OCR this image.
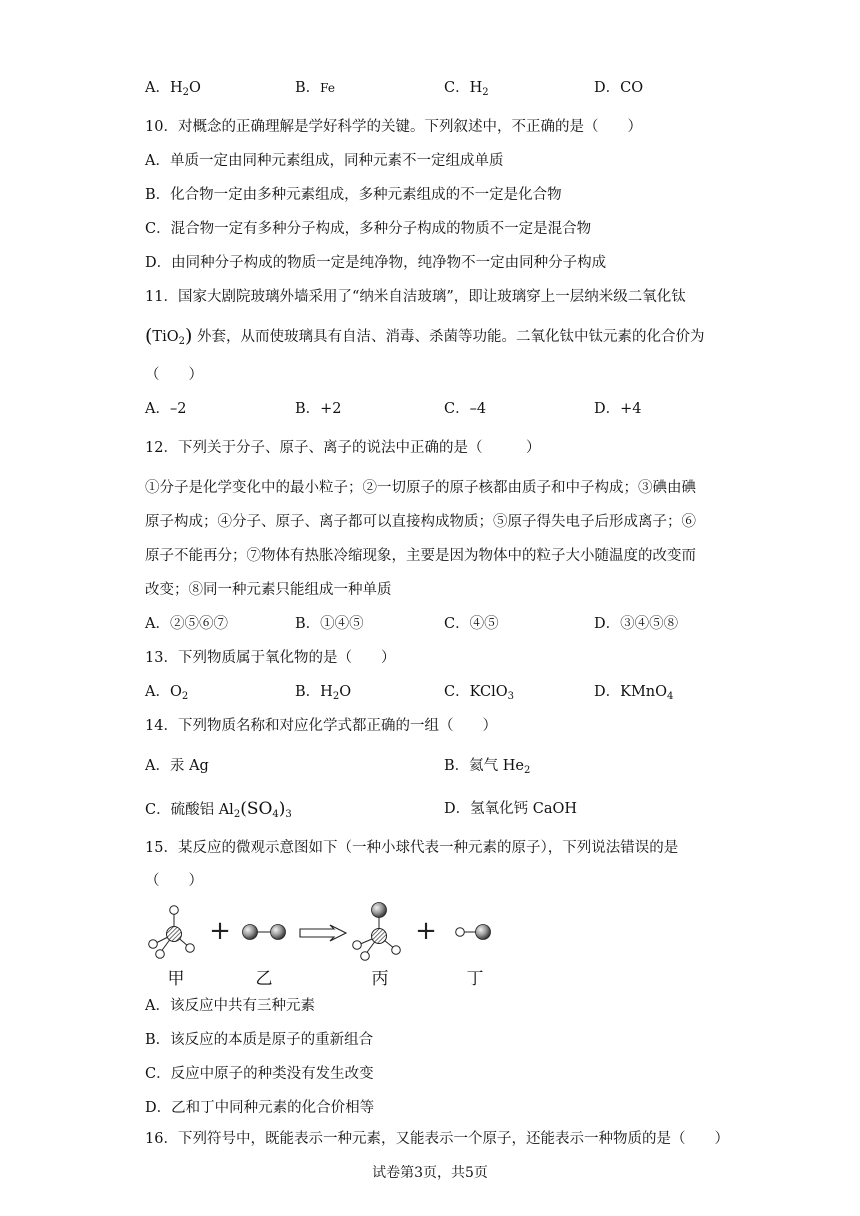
A．$H_2O$	B．Fe	C．$H_2$	D．CO
10．对概念的正确理解是学好科学的关键。下列叙述中，不正确的是（　　）
A．单质一定由同种元素组成，同种元素不一定组成单质
B．化合物一定由多种元素组成，多种元素组成的不一定是化合物
C．混合物一定有多种分子构成，多种分子构成的物质不一定是混合物
D．由同种分子构成的物质一定是纯净物，纯净物不一定由同种分子构成
11．国家大剧院玻璃外墙采用了“纳米自洁玻璃”，即让玻璃穿上一层纳米级二氧化钛
(TiO$_2$) 外套，从而使玻璃具有自洁、消毒、杀菌等功能。二氧化钛中钛元素的化合价为
（　　）
A．–2	B．+2	C．–4	D．+4
12．下列关于分子、原子、离子的说法中正确的是（　　　）
①分子是化学变化中的最小粒子；②一切原子的原子核都由质子和中子构成；③碘由碘
原子构成；④分子、原子、离子都可以直接构成物质；⑤原子得失电子后形成离子；⑥
原子不能再分；⑦物体有热胀冷缩现象，主要是因为物体中的粒子大小随温度的改变而
改变；⑧同一种元素只能组成一种单质
A．②⑤⑥⑦	B．①④⑤	C．④⑤	D．③④⑤⑧
13．下列物质属于氧化物的是（　　）
A．$O_2$	B．$H_2O$	C．KClO$_3$	D．KMnO$_4$
14．下列物质名称和对应化学式都正确的一组（　　）
A．汞 Ag	B．氦气 $He_2$
C．硫酸铝 $Al_2(SO_4)_3$	D．氢氧化钙 CaOH
15．某反应的微观示意图如下（一种小球代表一种元素的原子），下列说法错误的是
（　　）
+	+
甲	乙	丙	丁
A．该反应中共有三种元素
B．该反应的本质是原子的重新组合
C．反应中原子的种类没有发生改变
D．乙和丁中同种元素的化合价相等
16．下列符号中，既能表示一种元素，又能表示一个原子，还能表示一种物质的是（　　）
试卷第3页，共5页
